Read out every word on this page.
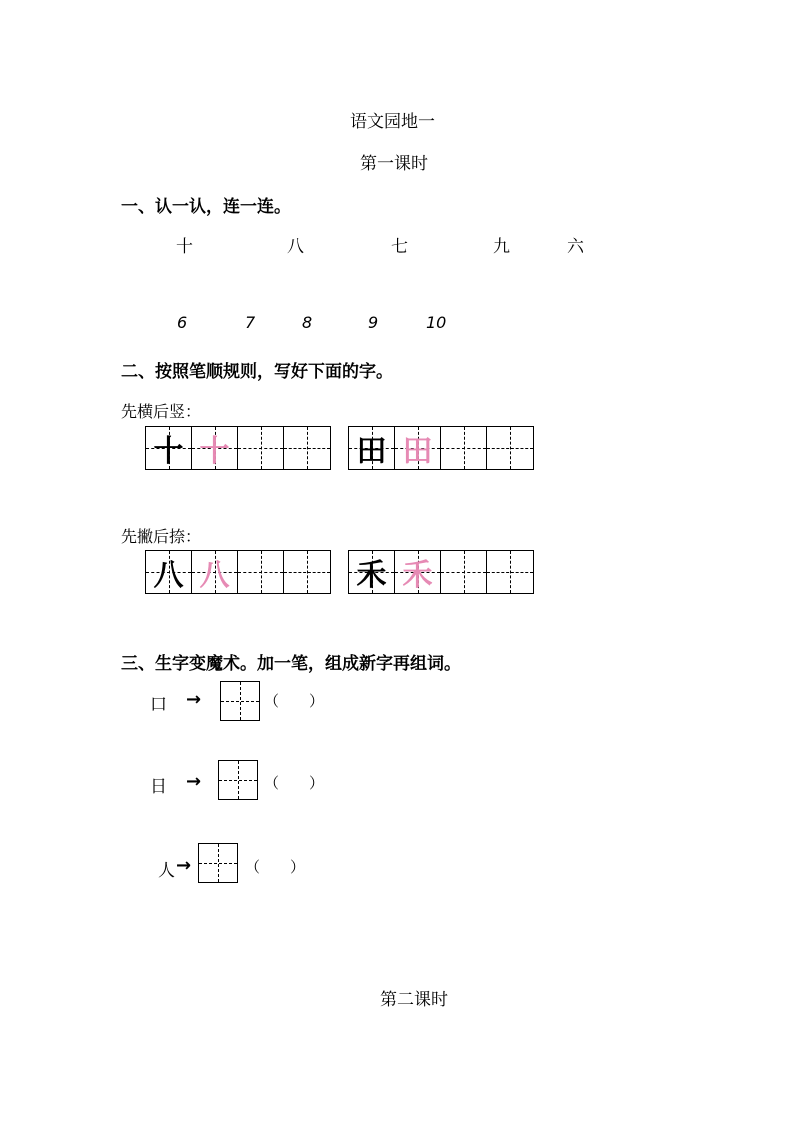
语文园地一
第一课时
一、认一认，连一连。
十	八	七	九	六
6	7	8	9	10
二、按照笔顺规则，写好下面的字。
先横后竖：
十 十	田 田
先撇后捺：
八 八	禾 禾
三、生字变魔术。加一笔，组成新字再组词。
口 →	（　　）
日 →	（　　）
人 →	（　　）
第二课时
